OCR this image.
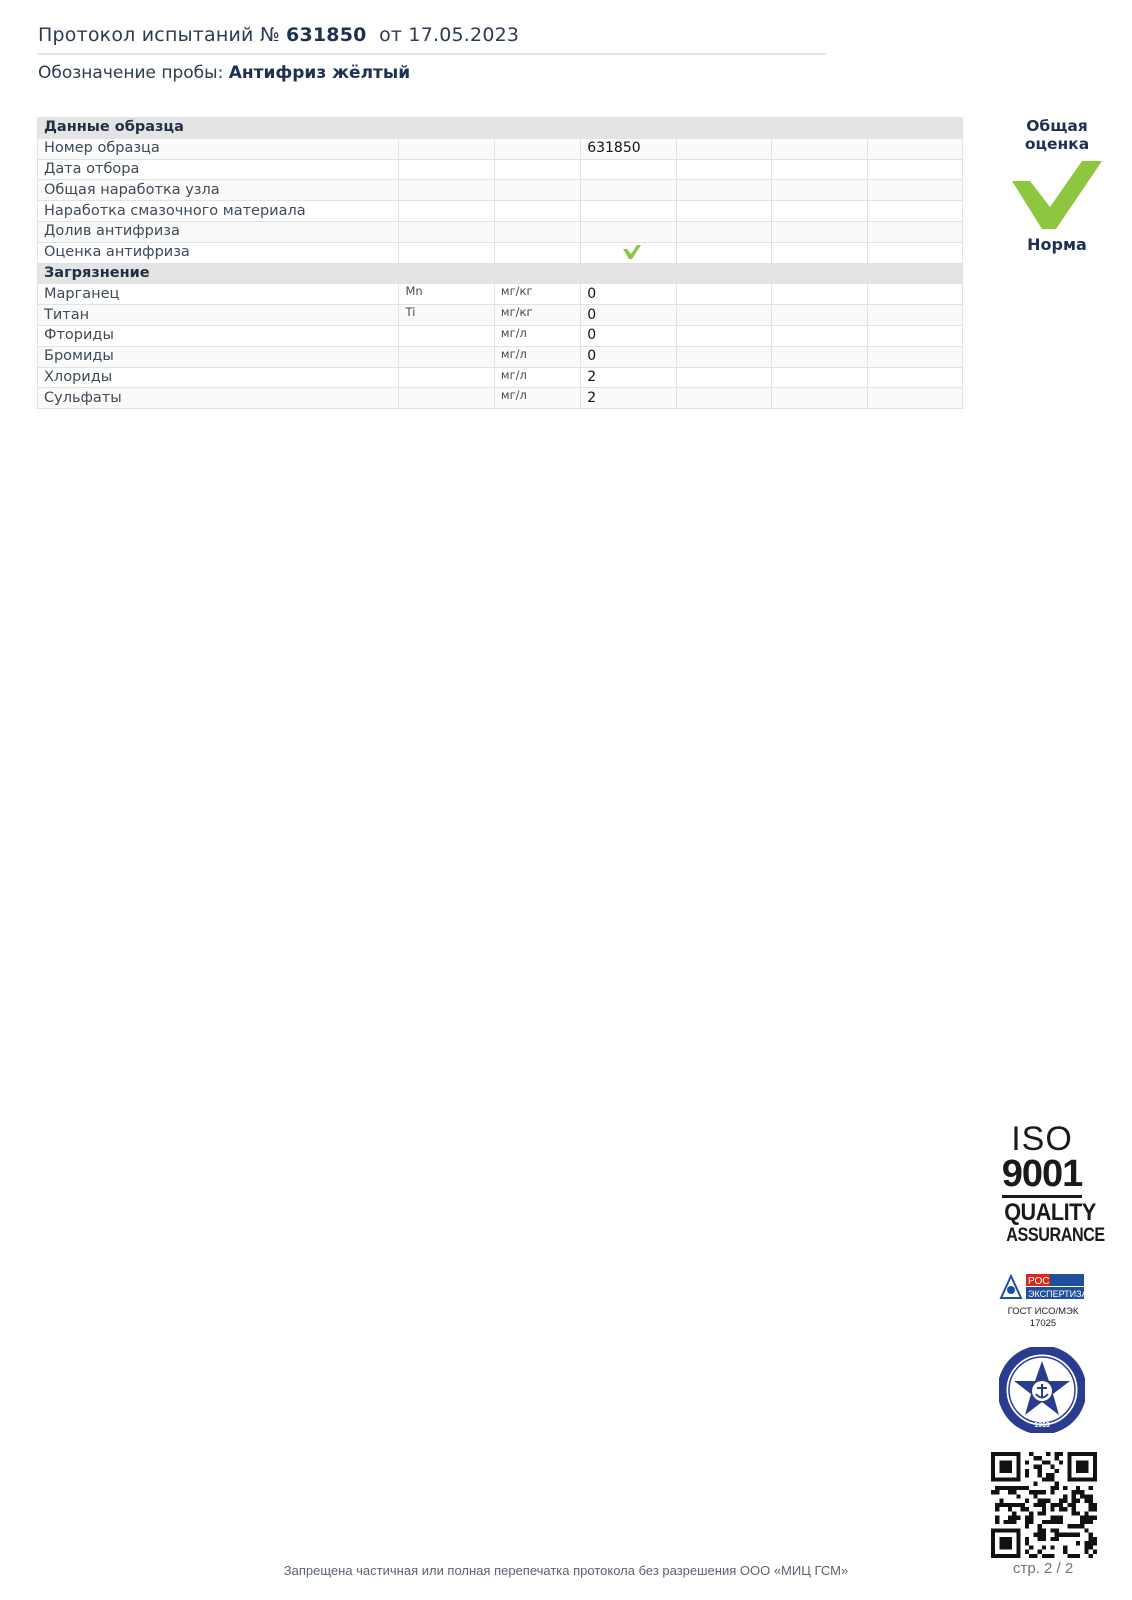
Протокол испытаний № 631850 от 17.05.2023
Обозначение пробы: Антифриз жёлтый
Данные образца						
Номер образца			631850			
Дата отбора						
Общая наработка узла						
Наработка смазочного материала						
Долив антифриза						
Оценка антифриза						
Загрязнение						
Марганец	Mn	мг/кг	0			
Титан	Ti	мг/кг	0			
Фториды		мг/л	0			
Бромиды		мг/л	0			
Хлориды		мг/л	2			
Сульфаты		мг/л	2			
Общая оценка
Норма
ISO
9001
QUALITY
ASSURANCE
РОС
ЭКСПЕРТИЗА
ГОСТ ИСО/МЭК
17025
1913
Запрещена частичная или полная перепечатка протокола без разрешения ООО «МИЦ ГСМ»	стр. 2 / 2
